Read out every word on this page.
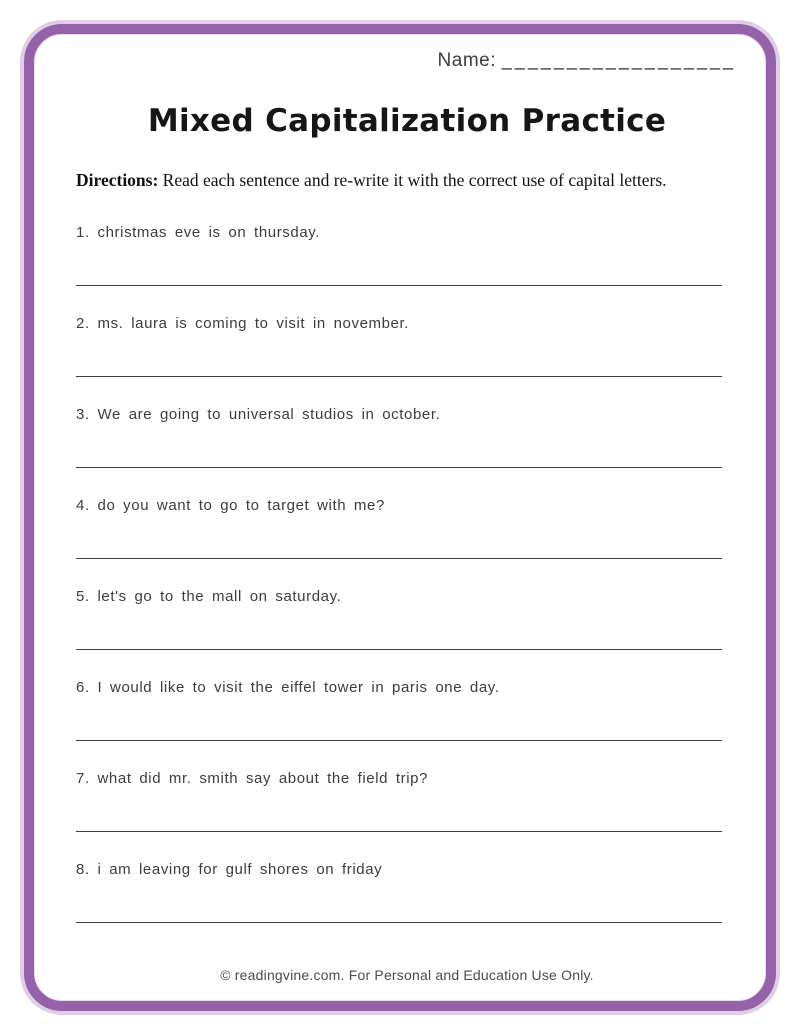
Name: __________________
Mixed Capitalization Practice
Directions: Read each sentence and re-write it with the correct use of capital letters.
1. christmas eve is on thursday.
2. ms. laura is coming to visit in november.
3. We are going to universal studios in october.
4. do you want to go to target with me?
5. let's go to the mall on saturday.
6. I would like to visit the eiffel tower in paris one day.
7. what did mr. smith say about the field trip?
8. i am leaving for gulf shores on friday
© readingvine.com. For Personal and Education Use Only.
